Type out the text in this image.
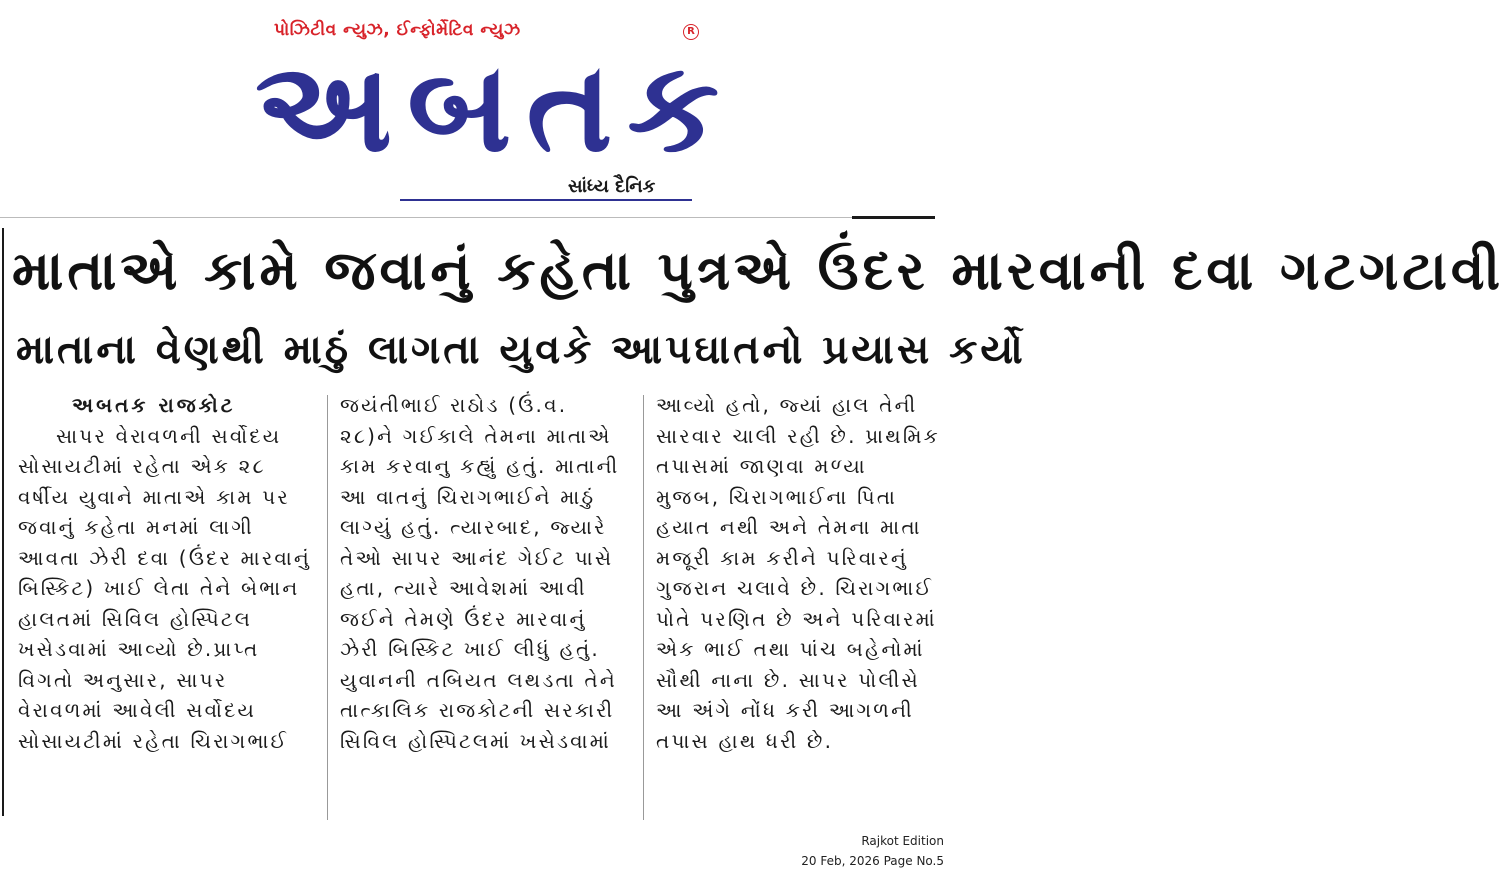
પોઝિટીવ ન્યુઝ, ઈન્ફોર્મેટિવ ન્યુઝ	R
અબતક
સાંધ્ય દૈનિક
માતાએ કામે જવાનું કહેતા પુત્રએ ઉંદર મારવાની દવા ગટગટાવી
માતાના વેણથી માઠું લાગતા યુવકે આપઘાતનો પ્રયાસ કર્યો

અબતક રાજકોટ

સાપર વેરાવળની સર્વોદય

સોસાયટીમાં રહેતા એક ૨૮

વર્ષીય યુવાને માતાએ કામ પર

જવાનું કહેતા મનમાં લાગી

આવતા ઝેરી દવા (ઉંદર મારવાનું

બિસ્કિટ) ખાઈ લેતા તેને બેભાન

હાલતમાં સિવિલ હોસ્પિટલ

ખસેડવામાં આવ્યો છે.પ્રાપ્ત

વિગતો અનુસાર, સાપર

વેરાવળમાં આવેલી સર્વોદય

સોસાયટીમાં રહેતા ચિરાગભાઈ

જયંતીભાઈ રાઠોડ (ઉં.વ.

૨૮)ને ગઈકાલે તેમના માતાએ

કામ કરવાનુ કહ્યું હતું. માતાની

આ વાતનું ચિરાગભાઈને માઠું

લાગ્યું હતું. ત્યારબાદ, જ્યારે

તેઓ સાપર આનંદ ગેઈટ પાસે

હતા, ત્યારે આવેશમાં આવી

જઈને તેમણે ઉંદર મારવાનું

ઝેરી બિસ્કિટ ખાઈ લીધું હતું.

યુવાનની તબિયત લથડતા તેને

તાત્કાલિક રાજકોટની સરકારી

સિવિલ હોસ્પિટલમાં ખસેડવામાં

આવ્યો હતો, જ્યાં હાલ તેની

સારવાર ચાલી રહી છે. પ્રાથમિક

તપાસમાં જાણવા મળ્યા

મુજબ, ચિરાગભાઈના પિતા

હયાત નથી અને તેમના માતા

મજૂરી કામ કરીને પરિવારનું

ગુજરાન ચલાવે છે. ચિરાગભાઈ

પોતે પરણિત છે અને પરિવારમાં

એક ભાઈ તથા પાંચ બહેનોમાં

સૌથી નાના છે. સાપર પોલીસે

આ અંગે નોંધ કરી આગળની

તપાસ હાથ ધરી છે.

Rajkot Edition
20 Feb, 2026 Page No.5
